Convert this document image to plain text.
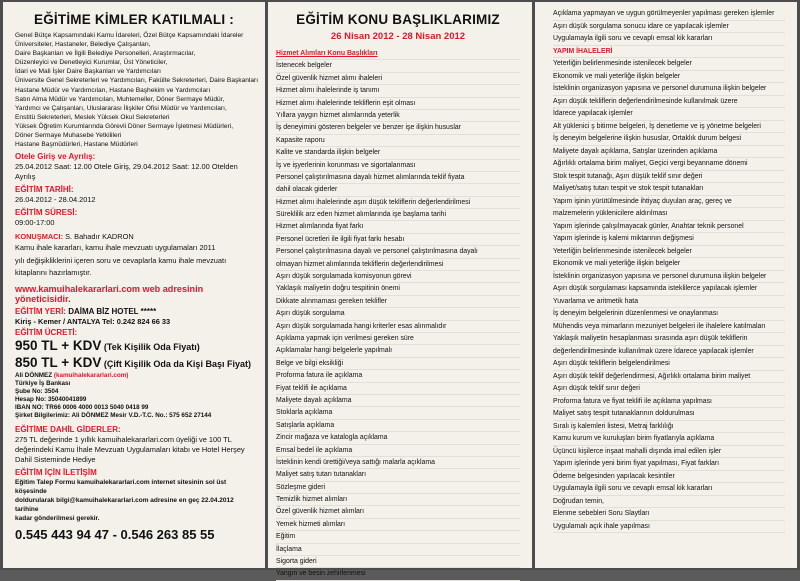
EĞİTİME KİMLER KATILMALI :
Genel Bütçe Kapsamındaki Kamu İdareleri, Özel Bütçe Kapsamındaki İdareler
Üniversiteler, Hastaneler, Belediye Çalışanları,
Daire Başkanları ve İlgili Belediye Personelleri, Araştırmacılar,
Düzenleyici ve Denetleyici Kurumlar, Üst Yöneticiler,
İdari ve Mali İşler Daire Başkanları ve Yardımcıları
Üniversite Genel Sekreterleri ve Yardımcıları, Fakülte Sekreterleri, Daire Başkanları
Hastane Müdür ve Yardımcıları, Hastane Başhekim ve Yardımcıları
Satın Alma Müdür ve Yardımcıları, Muhtemeller, Döner Sermaye Müdür,
Yardımcı ve Çalışanları, Uluslararası İlişkiler Ofisi Müdür ve Yardımcıları,
Enstitü Sekreterleri, Meslek Yüksek Okul Sekreterleri
Yüksek Öğretim Kurumlarında Görevli Döner Sermaye İşletmesi Müdürleri,
Döner Sermaye Muhasebe Yetkilileri
Hastane Başmüdürleri, Hastane Müdürleri
Otele Giriş ve Ayrılış:
25.04.2012 Saat: 12.00 Otele Giriş, 29.04.2012 Saat: 12.00 Otelden Ayrılış
EĞİTİM TARİHİ:
26.04.2012 - 28.04.2012
EĞİTİM SÜRESİ:
09:00-17:00
KONUŞMACI: S. Bahadır KADRON
Kamu ihale kararları, kamu ihale mevzuatı uygulamaları 2011
yılı değişikliklerini içeren soru ve cevaplarla kamu ihale mevzuatı
kitaplarını hazırlamıştır.
www.kamuihalekararlari.com web adresinin yöneticisidir.
EĞİTİM YERİ: DAİMA BİZ HOTEL *****
Kiriş - Kemer / ANTALYA Tel: 0.242 824 66 33
EĞİTİM ÜCRETİ:
950 TL + KDV (Tek Kişilik Oda Fiyatı)
850 TL + KDV (Çift Kişilik Oda da Kişi Başı Fiyat)
Ali DÖNMEZ (kamuihalekararlari.com)
Türkiye İş Bankası
Şube No: 3504
Hesap No: 35040041899
IBAN NO: TR66 0006 4000 0013 5040 0418 99
Şirket Bilgilerimiz: Ali DÖNMEZ Mesir V.D.-T.C. No.: 575 652 27144
EĞİTİME DAHİL GİDERLER:
275 TL değerinde 1 yıllık kamuihalekararlari.com üyeliği ve 100 TL
değerindeki Kamu İhale Mevzuatı Uygulamaları kitabı ve Hotel Herşey
Dahil Sisteminde Hediye
EĞİTİM İÇİN İLETİŞİM
Eğitim Talep Formu kamuihalekararlari.com internet sitesinin sol üst köşesinde
doldurularak bilgi@kamuihalekararlari.com adresine en geç 22.04.2012 tarihine
kadar gönderilmesi gerekir.
0.545 443 94 47 - 0.546 263 85 55
EĞİTİM KONU BAŞLIKLARIMIZ
26 Nisan 2012 - 28 Nisan 2012
Hizmet Alımları Konu Başlıkları
İstenecek belgeler
Özel güvenlik hizmet alımı ihaleleri
Hizmet alımı ihalelerinde iş tanımı
Hizmet alımı ihalelerinde tekliflerin eşit olması
Yıllara yaygın hizmet alımlarında yeterlik
İş deneyimini gösteren belgeler ve benzer işe ilişkin hususlar
Kapasite raporu
Kalite ve standarda ilişkin belgeler
İş ve işyerlerinin korunması ve sigortalanması
Personel çalıştırılmasına dayalı hizmet alımlarında teklif fiyata
dahil olacak giderler
Hizmet alımı ihalelerinde aşırı düşük tekliflerin değerlendirilmesi
Süreklilik arz eden hizmet alımlarında işe başlama tarihi
Hizmet alımlarında fiyat farkı
Personel ücretleri ile ilgili fiyat farkı hesabı
Personel çalıştırılmasına dayalı ve personel çalıştırılmasına dayalı
olmayan hizmet alımlarında tekliflerin değerlendirilmesi
Aşırı düşük sorgulamada komisyonun görevi
Yaklaşık maliyetin doğru tespitinin önemi
Dikkate alınmaması gereken teklifler
Aşırı düşük sorgulama
Aşırı düşük sorgulamada hangi kriterler esas alınmalıdır
Açıklama yapmak için verilmesi gereken süre
Açıklamalar hangi belgelerle yapılmalı
Belge ve bilgi eksikliği
Proforma fatura ile açıklama
Fiyat teklifi ile açıklama
Maliyete dayalı açıklama
Stoklarla açıklama
Satışlarla açıklama
Zincir mağaza ve katalogla açıklama
Emsal bedel ile açıklama
İsteklinin kendi ürettiği/veya sattığı malarla açıklama
Maliyet satış tutarı tutanakları
Sözleşme gideri
Temizlik hizmet alımları
Özel güvenlik hizmet alımları
Yemek hizmeti alımları
Eğitim
İlaçlama
Sigorta gideri
Yangın ve besin zehirlenmesi
Açıklama yapmayan ve uygun görülmeyenler yapılması gereken işlemler
Aşırı düşük sorgulama sonucu idare ce yapılacak işlemler
Uygulamayla ilgili soru ve cevaplı emsal kik kararları
YAPIM İHALELERİ
Yeterliğin belirlenmesinde istenilecek belgeler
Ekonomik ve mali yeterliğe ilişkin belgeler
İsteklinin organizasyon yapısına ve personel durumuna ilişkin belgeler
Aşırı düşük tekliflerin değerlendirilmesinde kullanılmak üzere
İdarece yapılacak işlemler
Alt yüklenici ş bitirme belgeleri, İş denetleme ve iş yönetme belgeleri
İş deneyim belgelerine ilişkin hususlar, Ortaklık durum belgesi
Maliyete dayalı açıklama, Satışlar üzerinden açıklama
Ağırlıklı ortalama birim maliyet, Geçici vergi beyanname dönemi
Stok tespit tutanağı, Aşırı düşük teklif sınır değeri
Maliyet/satış tutarı tespit ve stok tespit tutanakları
Yapım işinin yürütülmesinde ihtiyaç duyulan araç, gereç ve
malzemelerin yüklenicilere aldırılması
Yapım işlerinde çalışılmayacak günler, Anahtar teknik personel
Yapım işlerinde iş kalemi miktarının değişmesi
Yeterliğin belirlenmesinde istenilecek belgeler
Ekonomik ve mali yeterliğe ilişkin belgeler
İsteklinin organizasyon yapısına ve personel durumuna ilişkin belgeler
Aşırı düşük sorgulaması kapsamında isteklilerce yapılacak işlemler
Yuvarlama ve aritmetik hata
İş deneyim belgelerinin düzenlenmesi ve onaylanması
Mühendis veya mimarların mezuniyet belgeleri ile ihalelere katılmaları
Yaklaşık maliyetin hesaplanması sırasında aşırı düşük tekliflerin
değerlendirilmesinde kullanılmak üzere İdarece yapılacak işlemler
Aşırı düşük tekliflerin belgelendirilmesi
Aşırı düşük teklif değerlendirmesi, Ağırlıklı ortalama birim maliyet
Aşırı düşük teklif sınır değeri
Proforma fatura ve fiyat teklifi ile açıklama yapılması
Maliyet satış tespit tutanaklarının doldurulması
Sıralı iş kalemleri listesi, Metraj farklılığı
Kamu kurum ve kuruluşları birim fiyatlarıyla açıklama
Üçüncü kişilerce inşaat mahalli dışında imal edilen işler
Yapım işlerinde yeni birim fiyat yapılması, Fiyat farkları
Ödeme belgesinden yapılacak kesintiler
Uygulamayla ilgili soru ve cevaplı emsal kik kararları
Doğrudan temin,
Elenme sebebleri Soru Slaytları
Uygulamalı açık ihale yapılması
